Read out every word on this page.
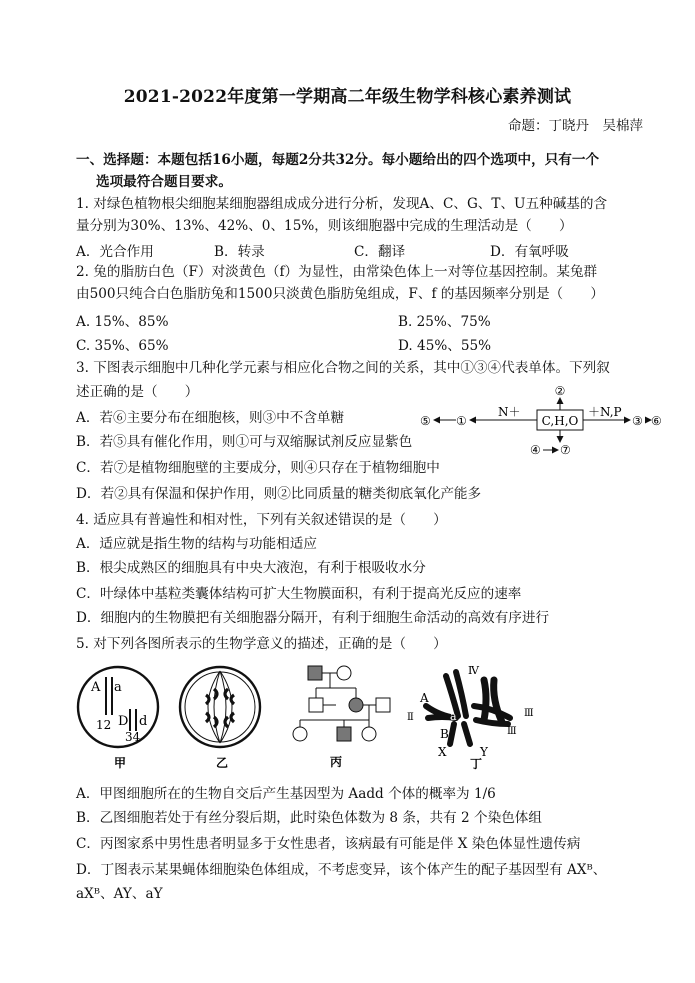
2021-2022年度第一学期高二年级生物学科核心素养测试
命题：丁晓丹　吴棉萍
一、选择题：本题包括16小题，每题2分共32分。每小题给出的四个选项中，只有一个
选项最符合题目要求。
1. 对绿色植物根尖细胞某细胞器组成成分进行分析，发现A、C、G、T、U五种碱基的含
量分别为30%、13%、42%、0、15%，则该细胞器中完成的生理活动是（　　）
A．光合作用	B．转录	C．翻译	D．有氧呼吸
2. 兔的脂肪白色（F）对淡黄色（f）为显性，由常染色体上一对等位基因控制。某兔群
由500只纯合白色脂肪兔和1500只淡黄色脂肪兔组成，F、f 的基因频率分别是（　　）
A. 15%、85%	B. 25%、75%
C. 35%、65%	D. 45%、55%
3. 下图表示细胞中几种化学元素与相应化合物之间的关系，其中①③④代表单体。下列叙
述正确的是（　　）
A．若⑥主要分布在细胞核，则③中不含单糖
B．若⑤具有催化作用，则①可与双缩脲试剂反应显紫色
C．若⑦是植物细胞壁的主要成分，则④只存在于植物细胞中
D．若②具有保温和保护作用，则②比同质量的糖类彻底氧化产能多
C,H,O
②
④ ⑦
N＋
①
⑤
＋N,P
③ ⑥
4. 适应具有普遍性和相对性，下列有关叙述错误的是（　　）
A．适应就是指生物的结构与功能相适应
B．根尖成熟区的细胞具有中央大液泡，有利于根吸收水分
C．叶绿体中基粒类囊体结构可扩大生物膜面积，有利于提高光反应的速率
D．细胞内的生物膜把有关细胞器分隔开，有利于细胞生命活动的高效有序进行
5. 对下列各图所表示的生物学意义的描述，正确的是（　　）
A a
12 D d
34
甲	乙	丙
Ⅳ
A
Ⅱ	a	Ⅲ
Ⅲ
B
X	Y
丁
A．甲图细胞所在的生物自交后产生基因型为 Aadd 个体的概率为 1/6
B．乙图细胞若处于有丝分裂后期，此时染色体数为 8 条，共有 2 个染色体组
C．丙图家系中男性患者明显多于女性患者，该病最有可能是伴 X 染色体显性遗传病
D．丁图表示某果蝇体细胞染色体组成，不考虑变异，该个体产生的配子基因型有 AXᴮ、
aXᴮ、AY、aY
